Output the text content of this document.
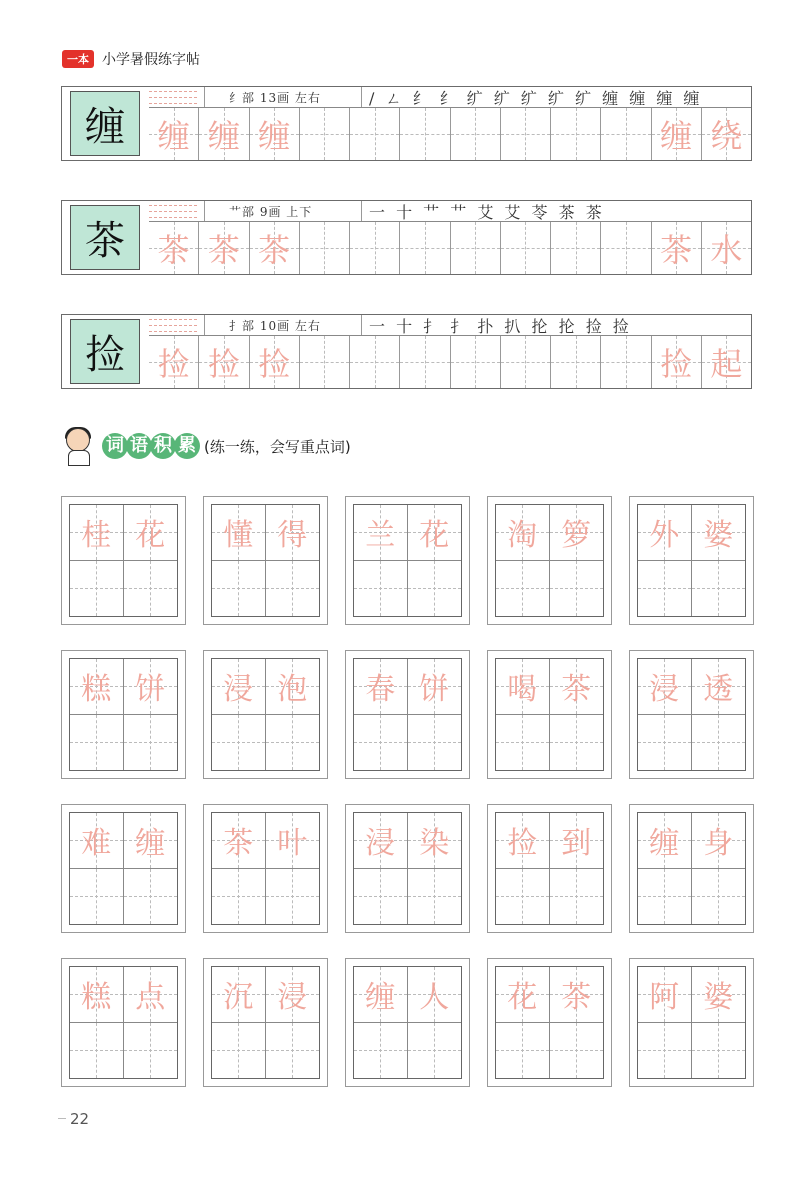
一本 小学暑假练字帖
缠
纟部 13画 左右	∕ ㄥ 纟 纟 纩 纩 纩 纩 纩 缠 缠 缠 缠
缠 缠 缠	缠 绕
茶
艹部 9画 上下	一 十 艹 艹 艾 艾 苓 茶 茶
茶 茶 茶	茶 水
捡
扌部 10画 左右	一 十 扌 扌 扑 扒 抡 抡 捡 捡
捡 捡 捡	捡 起
词 语 积 累 (练一练，会写重点词)
桂 花 懂 得 兰 花 淘 箩 外 婆
糕 饼 浸 泡 春 饼 喝 茶 浸 透
难 缠 茶 叶 浸 染 捡 到 缠 身
糕 点 沉 浸 缠 人 花 茶 阿 婆
22
